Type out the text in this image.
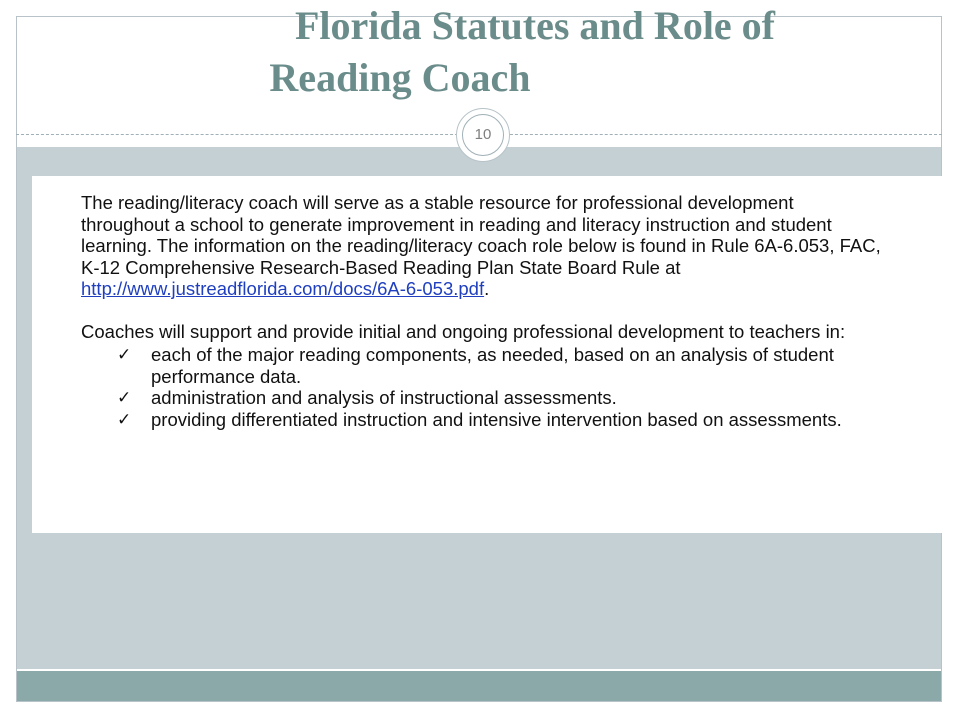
Florida Statutes and Role of
Reading Coach
10

The reading/literacy coach will serve as a stable resource for professional development throughout a school to generate improvement in reading and literacy instruction and student learning. The information on the reading/literacy coach role below is found in Rule 6A-6.053, FAC, K-12 Comprehensive Research-Based Reading Plan State Board Rule at http://www.justreadflorida.com/docs/6A-6-053.pdf.

Coaches will support and provide initial and ongoing professional development to teachers in:

✓ each of the major reading components, as needed, based on an analysis of student performance data.
✓ administration and analysis of instructional assessments.
✓ providing differentiated instruction and intensive intervention based on assessments.
